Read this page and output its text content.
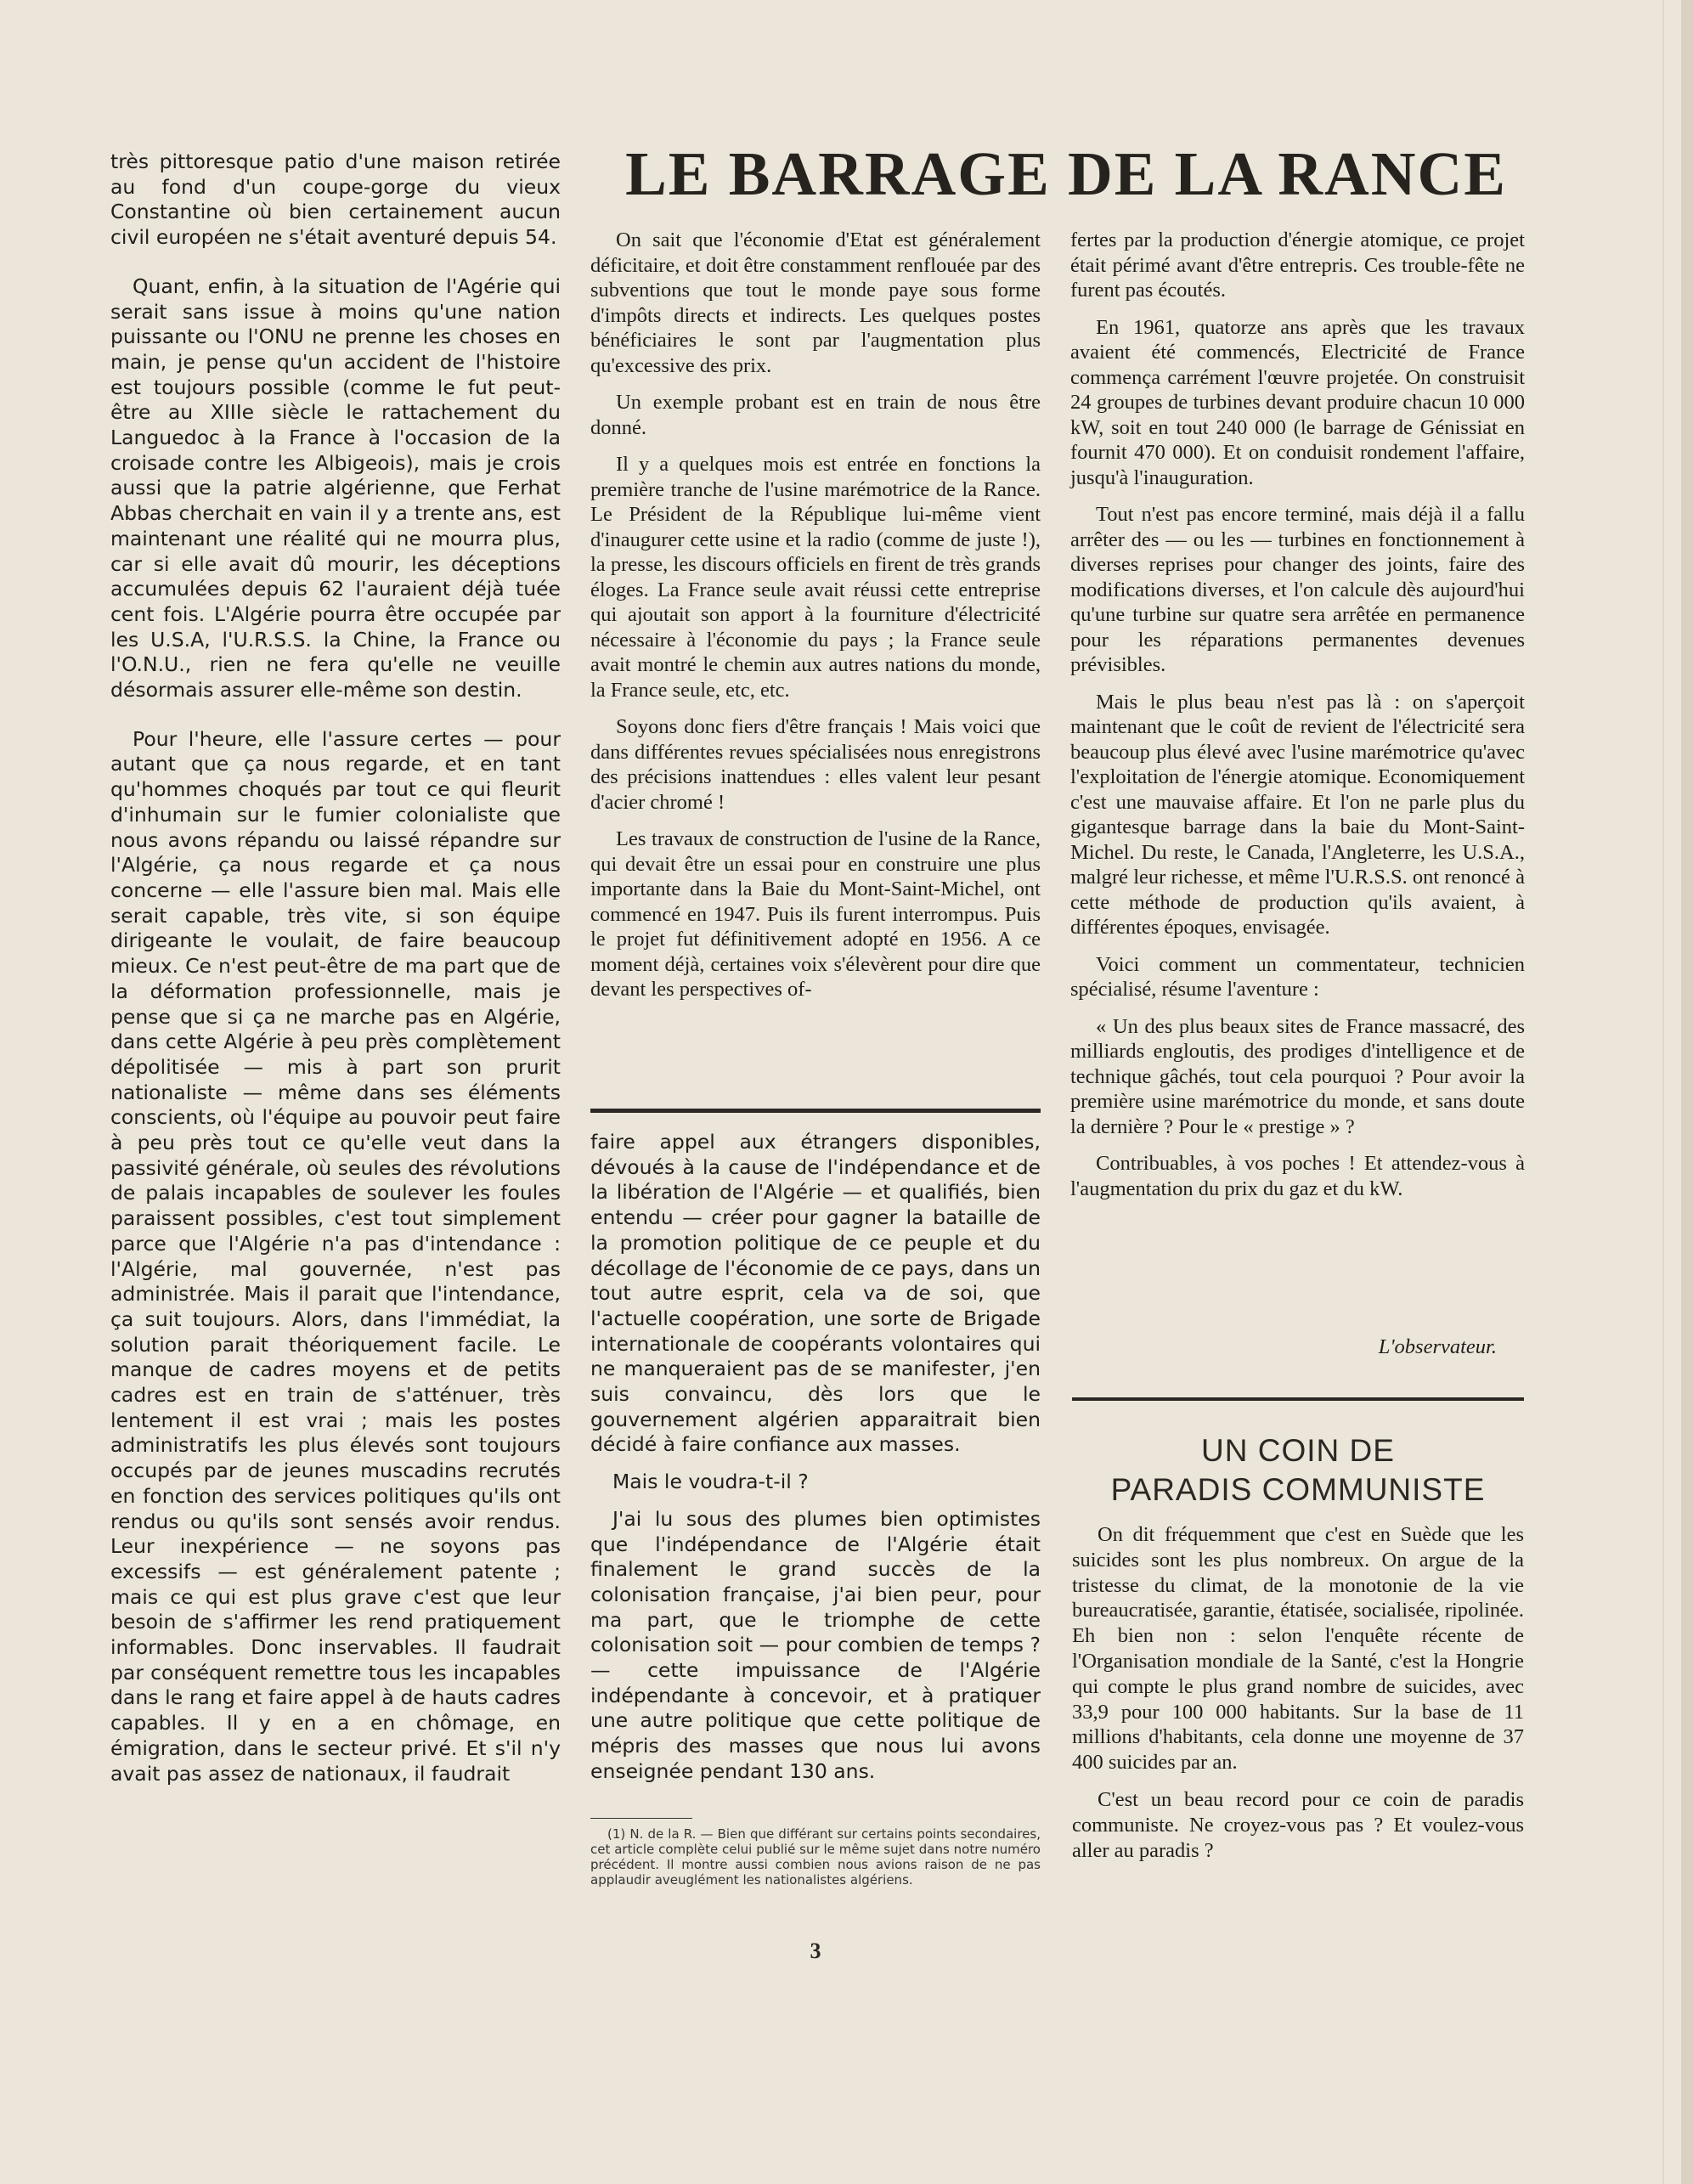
très pittoresque patio d'une maison retirée au fond d'un coupe-gorge du vieux Constantine où bien certainement aucun civil européen ne s'était aventuré depuis 54.

Quant, enfin, à la situation de l'Agérie qui serait sans issue à moins qu'une nation puissante ou l'ONU ne prenne les choses en main, je pense qu'un accident de l'histoire est toujours possible (comme le fut peut-être au XIIIe siècle le rattachement du Languedoc à la France à l'occasion de la croisade contre les Albigeois), mais je crois aussi que la patrie algérienne, que Ferhat Abbas cherchait en vain il y a trente ans, est maintenant une réalité qui ne mourra plus, car si elle avait dû mourir, les déceptions accumulées depuis 62 l'auraient déjà tuée cent fois. L'Algérie pourra être occupée par les U.S.A, l'U.R.S.S. la Chine, la France ou l'O.N.U., rien ne fera qu'elle ne veuille désormais assurer elle-même son destin.

Pour l'heure, elle l'assure certes — pour autant que ça nous regarde, et en tant qu'hommes choqués par tout ce qui fleurit d'inhumain sur le fumier colonialiste que nous avons répandu ou laissé répandre sur l'Algérie, ça nous regarde et ça nous concerne — elle l'assure bien mal. Mais elle serait capable, très vite, si son équipe dirigeante le voulait, de faire beaucoup mieux. Ce n'est peut-être de ma part que de la déformation professionnelle, mais je pense que si ça ne marche pas en Algérie, dans cette Algérie à peu près complètement dépolitisée — mis à part son prurit nationaliste — même dans ses éléments conscients, où l'équipe au pouvoir peut faire à peu près tout ce qu'elle veut dans la passivité générale, où seules des révolutions de palais incapables de soulever les foules paraissent possibles, c'est tout simplement parce que l'Algérie n'a pas d'intendance : l'Algérie, mal gouvernée, n'est pas administrée. Mais il parait que l'intendance, ça suit toujours. Alors, dans l'immédiat, la solution parait théoriquement facile. Le manque de cadres moyens et de petits cadres est en train de s'atténuer, très lentement il est vrai ; mais les postes administratifs les plus élevés sont toujours occupés par de jeunes muscadins recrutés en fonction des services politiques qu'ils ont rendus ou qu'ils sont sensés avoir rendus. Leur inexpérience — ne soyons pas excessifs — est généralement patente ; mais ce qui est plus grave c'est que leur besoin de s'affirmer les rend pratiquement informables. Donc inservables. Il faudrait par conséquent remettre tous les incapables dans le rang et faire appel à de hauts cadres capables. Il y en a en chômage, en émigration, dans le secteur privé. Et s'il n'y avait pas assez de nationaux, il faudrait

LE BARRAGE DE LA RANCE

On sait que l'économie d'Etat est généralement déficitaire, et doit être constamment renflouée par des subventions que tout le monde paye sous forme d'impôts directs et indirects. Les quelques postes bénéficiaires le sont par l'augmentation plus qu'excessive des prix.

Un exemple probant est en train de nous être donné.

Il y a quelques mois est entrée en fonctions la première tranche de l'usine marémotrice de la Rance. Le Président de la République lui-même vient d'inaugurer cette usine et la radio (comme de juste !), la presse, les discours officiels en firent de très grands éloges. La France seule avait réussi cette entreprise qui ajoutait son apport à la fourniture d'électricité nécessaire à l'économie du pays ; la France seule avait montré le chemin aux autres nations du monde, la France seule, etc, etc.

Soyons donc fiers d'être français ! Mais voici que dans différentes revues spécialisées nous enregistrons des précisions inattendues : elles valent leur pesant d'acier chromé !

Les travaux de construction de l'usine de la Rance, qui devait être un essai pour en construire une plus importante dans la Baie du Mont-Saint-Michel, ont commencé en 1947. Puis ils furent interrompus. Puis le projet fut définitivement adopté en 1956. A ce moment déjà, certaines voix s'élevèrent pour dire que devant les perspectives of-

fertes par la production d'énergie atomique, ce projet était périmé avant d'être entrepris. Ces trouble-fête ne furent pas écoutés.

En 1961, quatorze ans après que les travaux avaient été commencés, Electricité de France commença carrément l'œuvre projetée. On construisit 24 groupes de turbines devant produire chacun 10 000 kW, soit en tout 240 000 (le barrage de Génissiat en fournit 470 000). Et on conduisit rondement l'affaire, jusqu'à l'inauguration.

Tout n'est pas encore terminé, mais déjà il a fallu arrêter des — ou les — turbines en fonctionnement à diverses reprises pour changer des joints, faire des modifications diverses, et l'on calcule dès aujourd'hui qu'une turbine sur quatre sera arrêtée en permanence pour les réparations permanentes devenues prévisibles.

Mais le plus beau n'est pas là : on s'aperçoit maintenant que le coût de revient de l'électricité sera beaucoup plus élevé avec l'usine marémotrice qu'avec l'exploitation de l'énergie atomique. Economiquement c'est une mauvaise affaire. Et l'on ne parle plus du gigantesque barrage dans la baie du Mont-Saint-Michel. Du reste, le Canada, l'Angleterre, les U.S.A., malgré leur richesse, et même l'U.R.S.S. ont renoncé à cette méthode de production qu'ils avaient, à différentes époques, envisagée.

Voici comment un commentateur, technicien spécialisé, résume l'aventure :

« Un des plus beaux sites de France massacré, des milliards engloutis, des prodiges d'intelligence et de technique gâchés, tout cela pourquoi ? Pour avoir la première usine marémotrice du monde, et sans doute la dernière ? Pour le « prestige » ?

Contribuables, à vos poches ! Et attendez-vous à l'augmentation du prix du gaz et du kW.

L'observateur.

faire appel aux étrangers disponibles, dévoués à la cause de l'indépendance et de la libération de l'Algérie — et qualifiés, bien entendu — créer pour gagner la bataille de la promotion politique de ce peuple et du décollage de l'économie de ce pays, dans un tout autre esprit, cela va de soi, que l'actuelle coopération, une sorte de Brigade internationale de coopérants volontaires qui ne manqueraient pas de se manifester, j'en suis convaincu, dès lors que le gouvernement algérien apparaitrait bien décidé à faire confiance aux masses.

Mais le voudra-t-il ?

J'ai lu sous des plumes bien optimistes que l'indépendance de l'Algérie était finalement le grand succès de la colonisation française, j'ai bien peur, pour ma part, que le triomphe de cette colonisation soit — pour combien de temps ? — cette impuissance de l'Algérie indépendante à concevoir, et à pratiquer une autre politique que cette politique de mépris des masses que nous lui avons enseignée pendant 130 ans.

(1) N. de la R. — Bien que différant sur certains points secondaires, cet article complète celui publié sur le même sujet dans notre numéro précédent. Il montre aussi combien nous avions raison de ne pas applaudir aveuglément les nationalistes algériens.

3
UN COIN DE
PARADIS COMMUNISTE

On dit fréquemment que c'est en Suède que les suicides sont les plus nombreux. On argue de la tristesse du climat, de la monotonie de la vie bureaucratisée, garantie, étatisée, socialisée, ripolinée. Eh bien non : selon l'enquête récente de l'Organisation mondiale de la Santé, c'est la Hongrie qui compte le plus grand nombre de suicides, avec 33,9 pour 100 000 habitants. Sur la base de 11 millions d'habitants, cela donne une moyenne de 37 400 suicides par an.

C'est un beau record pour ce coin de paradis communiste. Ne croyez-vous pas ? Et voulez-vous aller au paradis ?
